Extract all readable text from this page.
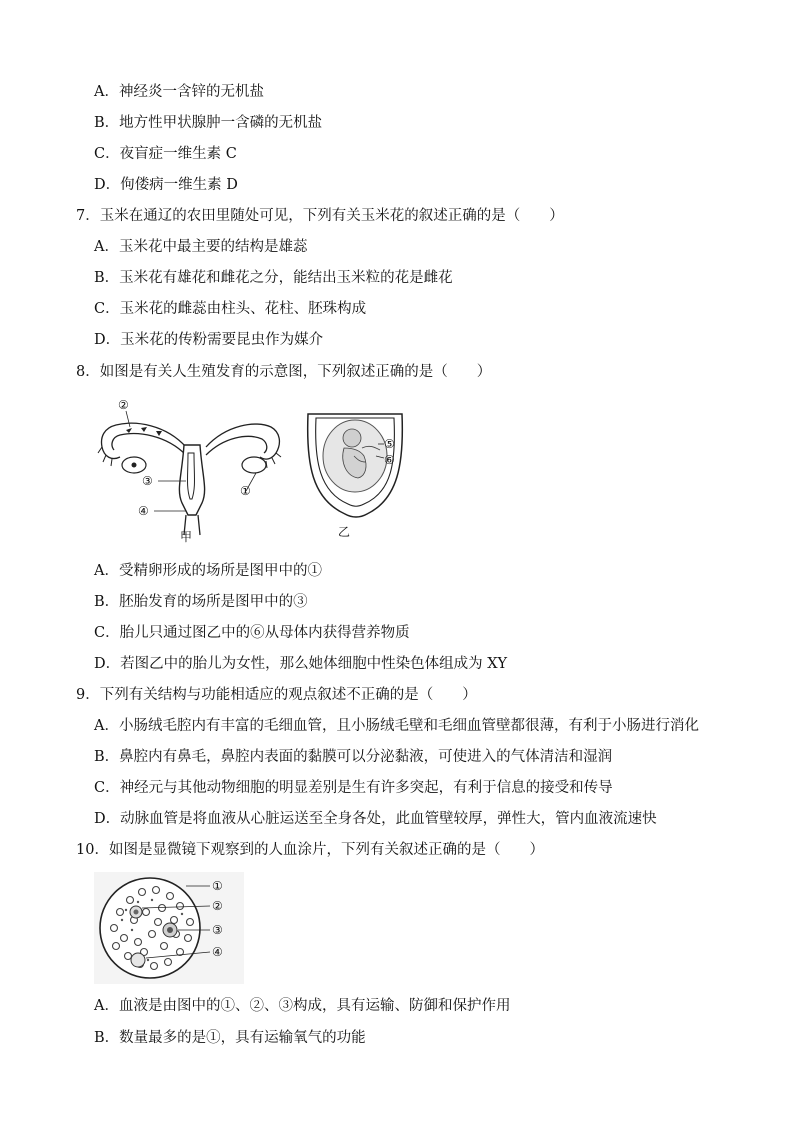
A．神经炎一含锌的无机盐
B．地方性甲状腺肿一含磷的无机盐
C．夜盲症一维生素 C
D．佝偻病一维生素 D
7．玉米在通辽的农田里随处可见，下列有关玉米花的叙述正确的是（　　）
A．玉米花中最主要的结构是雄蕊
B．玉米花有雄花和雌花之分，能结出玉米粒的花是雌花
C．玉米花的雌蕊由柱头、花柱、胚珠构成
D．玉米花的传粉需要昆虫作为媒介
8．如图是有关人生殖发育的示意图，下列叙述正确的是（　　）
②
③
④
①
甲
⑤
⑥
乙
A．受精卵形成的场所是图甲中的①
B．胚胎发育的场所是图甲中的③
C．胎儿只通过图乙中的⑥从母体内获得营养物质
D．若图乙中的胎儿为女性，那么她体细胞中性染色体组成为 XY
9．下列有关结构与功能相适应的观点叙述不正确的是（　　）
A．小肠绒毛腔内有丰富的毛细血管，且小肠绒毛壁和毛细血管壁都很薄，有利于小肠进行消化
B．鼻腔内有鼻毛，鼻腔内表面的黏膜可以分泌黏液，可使进入的气体清洁和湿润
C．神经元与其他动物细胞的明显差别是生有许多突起，有利于信息的接受和传导
D．动脉血管是将血液从心脏运送至全身各处，此血管壁较厚，弹性大，管内血液流速快
10．如图是显微镜下观察到的人血涂片，下列有关叙述正确的是（　　）
①
②
③
④
A．血液是由图中的①、②、③构成，具有运输、防御和保护作用
B．数量最多的是①，具有运输氧气的功能
